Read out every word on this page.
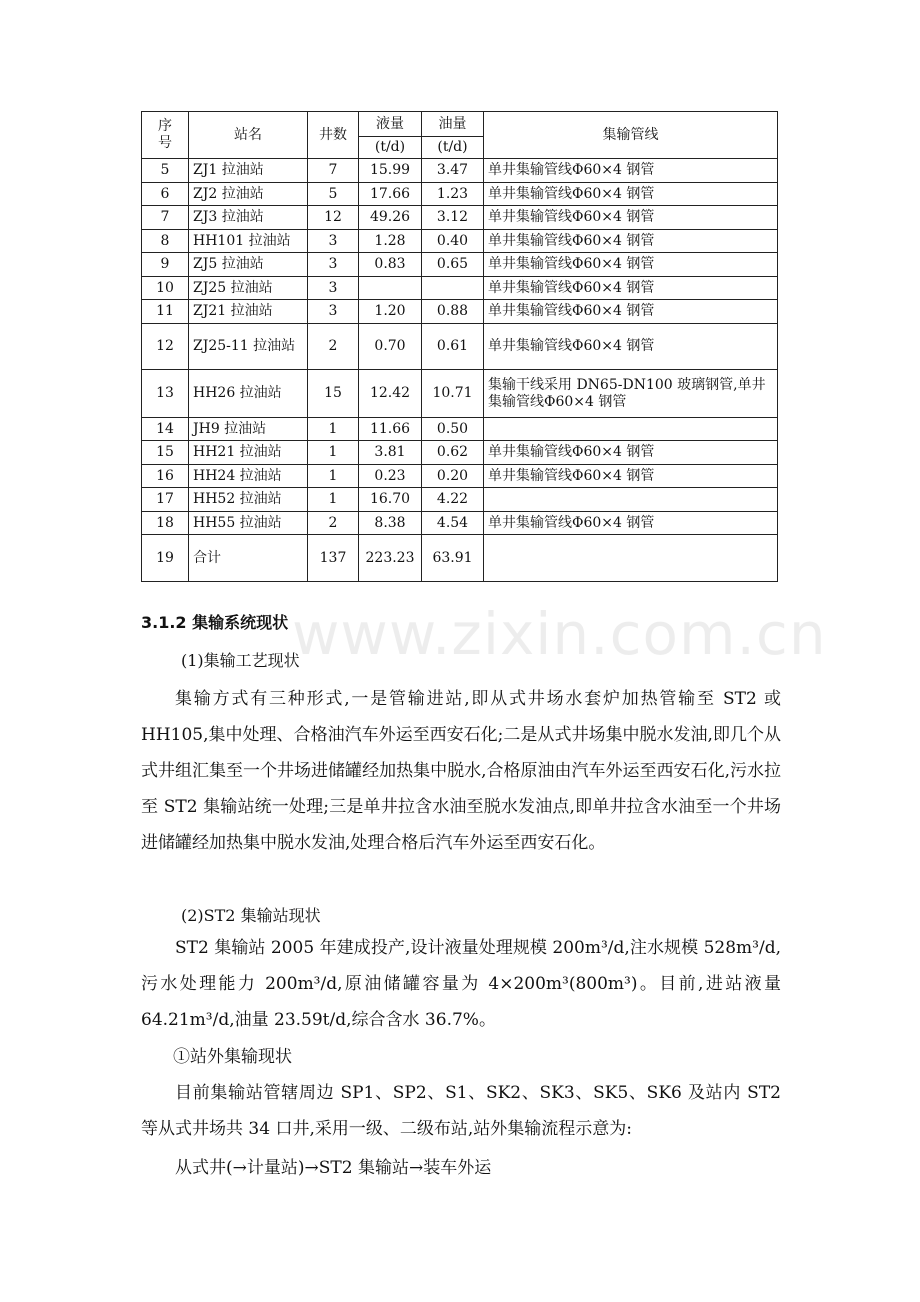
序号	站名	井数	液量	油量	集输管线
			(t/d)	(t/d)	
5	ZJ1 拉油站	7	15.99	3.47	单井集输管线Φ60×4 钢管
6	ZJ2 拉油站	5	17.66	1.23	单井集输管线Φ60×4 钢管
7	ZJ3 拉油站	12	49.26	3.12	单井集输管线Φ60×4 钢管
8	HH101 拉油站	3	1.28	0.40	单井集输管线Φ60×4 钢管
9	ZJ5 拉油站	3	0.83	0.65	单井集输管线Φ60×4 钢管
10	ZJ25 拉油站	3			单井集输管线Φ60×4 钢管
11	ZJ21 拉油站	3	1.20	0.88	单井集输管线Φ60×4 钢管
12	ZJ25-11 拉油站	2	0.70	0.61	单井集输管线Φ60×4 钢管
13	HH26 拉油站	15	12.42	10.71	集输干线采用 DN65-DN100 玻璃钢管,单井集输管线Φ60×4 钢管
14	JH9 拉油站	1	11.66	0.50	
15	HH21 拉油站	1	3.81	0.62	单井集输管线Φ60×4 钢管
16	HH24 拉油站	1	0.23	0.20	单井集输管线Φ60×4 钢管
17	HH52 拉油站	1	16.70	4.22	
18	HH55 拉油站	2	8.38	4.54	单井集输管线Φ60×4 钢管
19	合计	137	223.23	63.91	
3.1.2 集输系统现状
(1)集输工艺现状
集输方式有三种形式,一是管输进站,即从式井场水套炉加热管输至 ST2 或 HH105,集中处理、合格油汽车外运至西安石化;二是从式井场集中脱水发油,即几个从式井组汇集至一个井场进储罐经加热集中脱水,合格原油由汽车外运至西安石化,污水拉至 ST2 集输站统一处理;三是单井拉含水油至脱水发油点,即单井拉含水油至一个井场进储罐经加热集中脱水发油,处理合格后汽车外运至西安石化。
(2)ST2 集输站现状
ST2 集输站 2005 年建成投产,设计液量处理规模 200m³/d,注水规模 528m³/d,污水处理能力 200m³/d,原油储罐容量为 4×200m³(800m³)。目前,进站液量 64.21m³/d,油量 23.59t/d,综合含水 36.7%。
①站外集输现状
目前集输站管辖周边 SP1、SP2、S1、SK2、SK3、SK5、SK6 及站内 ST2 等从式井场共 34 口井,采用一级、二级布站,站外集输流程示意为:
从式井(→计量站)→ST2 集输站→装车外运
www.zixin.com.cn
